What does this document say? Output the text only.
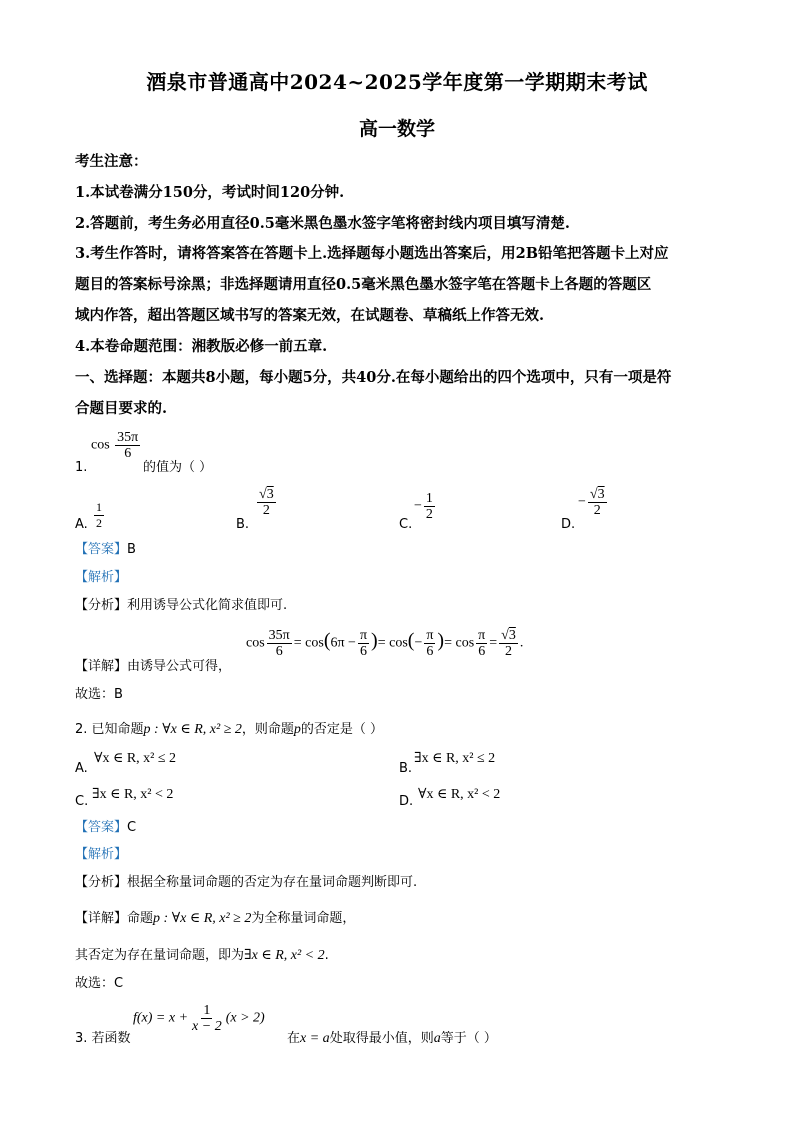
酒泉市普通高中2024~2025学年度第一学期期末考试
高一数学
考生注意：
1.本试卷满分150分，考试时间120分钟.
2.答题前，考生务必用直径0.5毫米黑色墨水签字笔将密封线内项目填写清楚.
3.考生作答时，请将答案答在答题卡上.选择题每小题选出答案后，用2B铅笔把答题卡上对应
题目的答案标号涂黑；非选择题请用直径0.5毫米黑色墨水签字笔在答题卡上各题的答题区
域内作答，超出答题区域书写的答案无效，在试题卷、草稿纸上作答无效.
4.本卷命题范围：湘教版必修一前五章.
一、选择题：本题共8小题，每小题5分，共40分.在每小题给出的四个选项中，只有一项是符
合题目要求的.
1.
$\cos \frac{35\pi}{6}$
的值为（ ）
A. $\frac{1}{2}$	B.
$\frac{√3}{2}$
C.
− $\frac{1}{2}$
D.
− $\frac{√3}{2}$
【答案】B
【解析】
【分析】利用诱导公式化简求值即可.
【详解】由诱导公式可得，
$\cos \frac{35\pi}{6} = \cos(6\pi - \frac{\pi}{6}$ )= $\cos(- \frac{\pi}{6}$ )= $\cos \frac{\pi}{6} = \frac{√3}{2}$ .
故选：B
2. 已知命题p : ∀x ∈ R, x² ≥ 2，则命题p的否定是（ ）
A.
∀x ∈ R, x² ≤ 2
B.
∃x ∈ R, x² ≤ 2
C. ∃x ∈ R, x² < 2	D. ∀x ∈ R, x² < 2
【答案】C
【解析】
【分析】根据全称量词命题的否定为存在量词命题判断即可.
【详解】命题p : ∀x ∈ R, x² ≥ 2为全称量词命题，
其否定为存在量词命题，即为∃x ∈ R, x² < 2.
故选：C
3. 若函数
$f(x) = x + \frac{1}{x - 2} (x > 2)$
在x = a处取得最小值，则a等于（ ）
